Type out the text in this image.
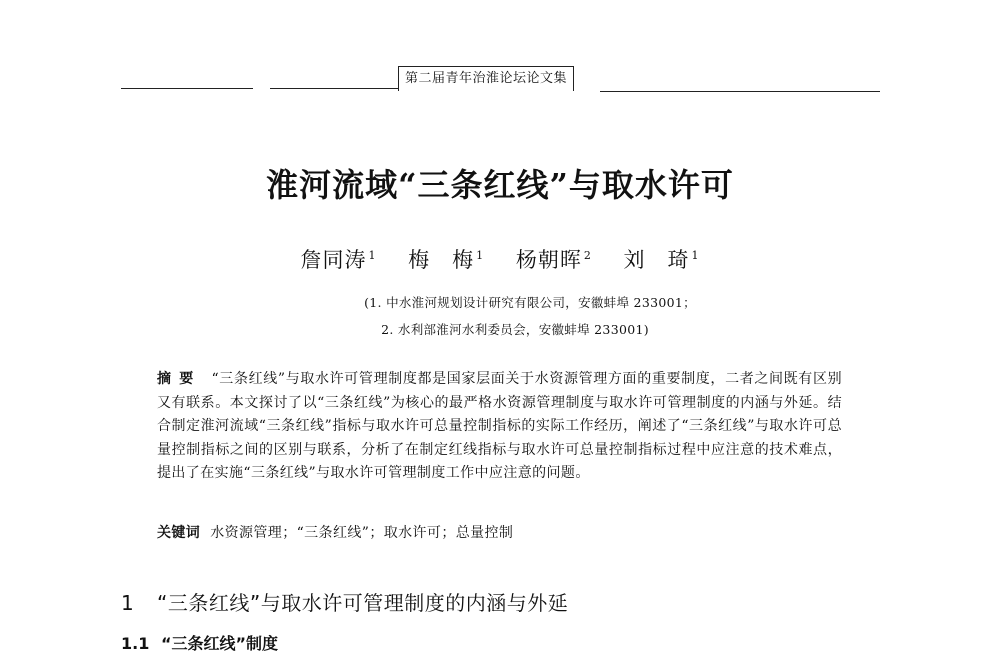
第二届青年治淮论坛论文集
淮河流域“三条红线”与取水许可
詹同涛 $^1$ 梅　梅 $^1$ 杨朝晖 $^2$ 刘　琦 $^1$
(1. 中水淮河规划设计研究有限公司，安徽蚌埠 233001；
2. 水利部淮河水利委员会，安徽蚌埠 233001)
摘要 “三条红线”与取水许可管理制度都是国家层面关于水资源管理方面的重要制度，二者之间既有区别又有联系。本文探讨了以“三条红线”为核心的最严格水资源管理制度与取水许可管理制度的内涵与外延。结合制定淮河流域“三条红线”指标与取水许可总量控制指标的实际工作经历，阐述了“三条红线”与取水许可总量控制指标之间的区别与联系，分析了在制定红线指标与取水许可总量控制指标过程中应注意的技术难点，提出了在实施“三条红线”与取水许可管理制度工作中应注意的问题。
关键词 水资源管理；“三条红线”；取水许可；总量控制
1 “三条红线”与取水许可管理制度的内涵与外延
1.1 “三条红线”制度
